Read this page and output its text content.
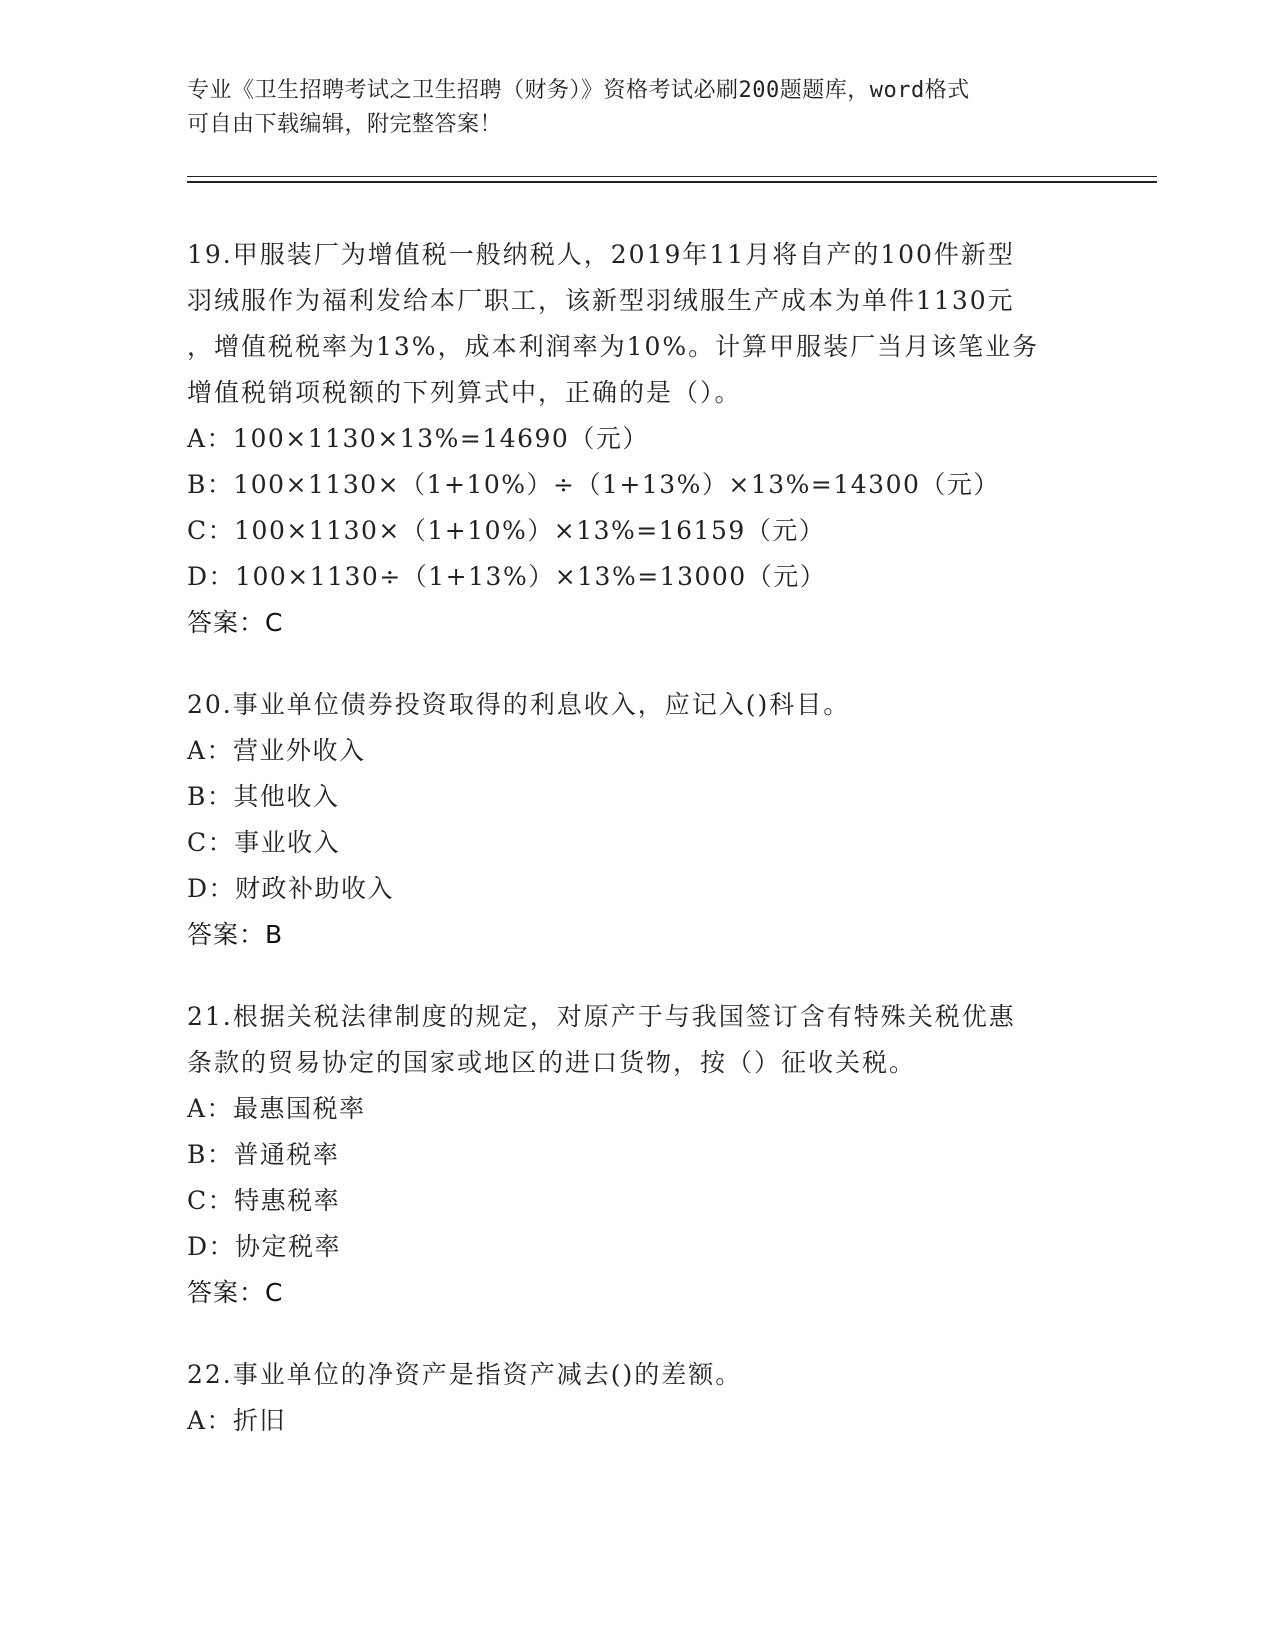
专业《卫生招聘考试之卫生招聘（财务）》资格考试必刷200题题库，word格式
可自由下载编辑，附完整答案！
19.甲服装厂为增值税一般纳税人，2019年11月将自产的100件新型
羽绒服作为福利发给本厂职工，该新型羽绒服生产成本为单件1130元
，增值税税率为13%，成本利润率为10%。计算甲服装厂当月该笔业务
增值税销项税额的下列算式中，正确的是（）。
A：100×1130×13%=14690（元）
B：100×1130×（1+10%）÷（1+13%）×13%=14300（元）
C：100×1130×（1+10%）×13%=16159（元）
D：100×1130÷（1+13%）×13%=13000（元）
答案：C
20.事业单位债券投资取得的利息收入，应记入()科目。
A：营业外收入
B：其他收入
C：事业收入
D：财政补助收入
答案：B
21.根据关税法律制度的规定，对原产于与我国签订含有特殊关税优惠
条款的贸易协定的国家或地区的进口货物，按（）征收关税。
A：最惠国税率
B：普通税率
C：特惠税率
D：协定税率
答案：C
22.事业单位的净资产是指资产减去()的差额。
A：折旧
